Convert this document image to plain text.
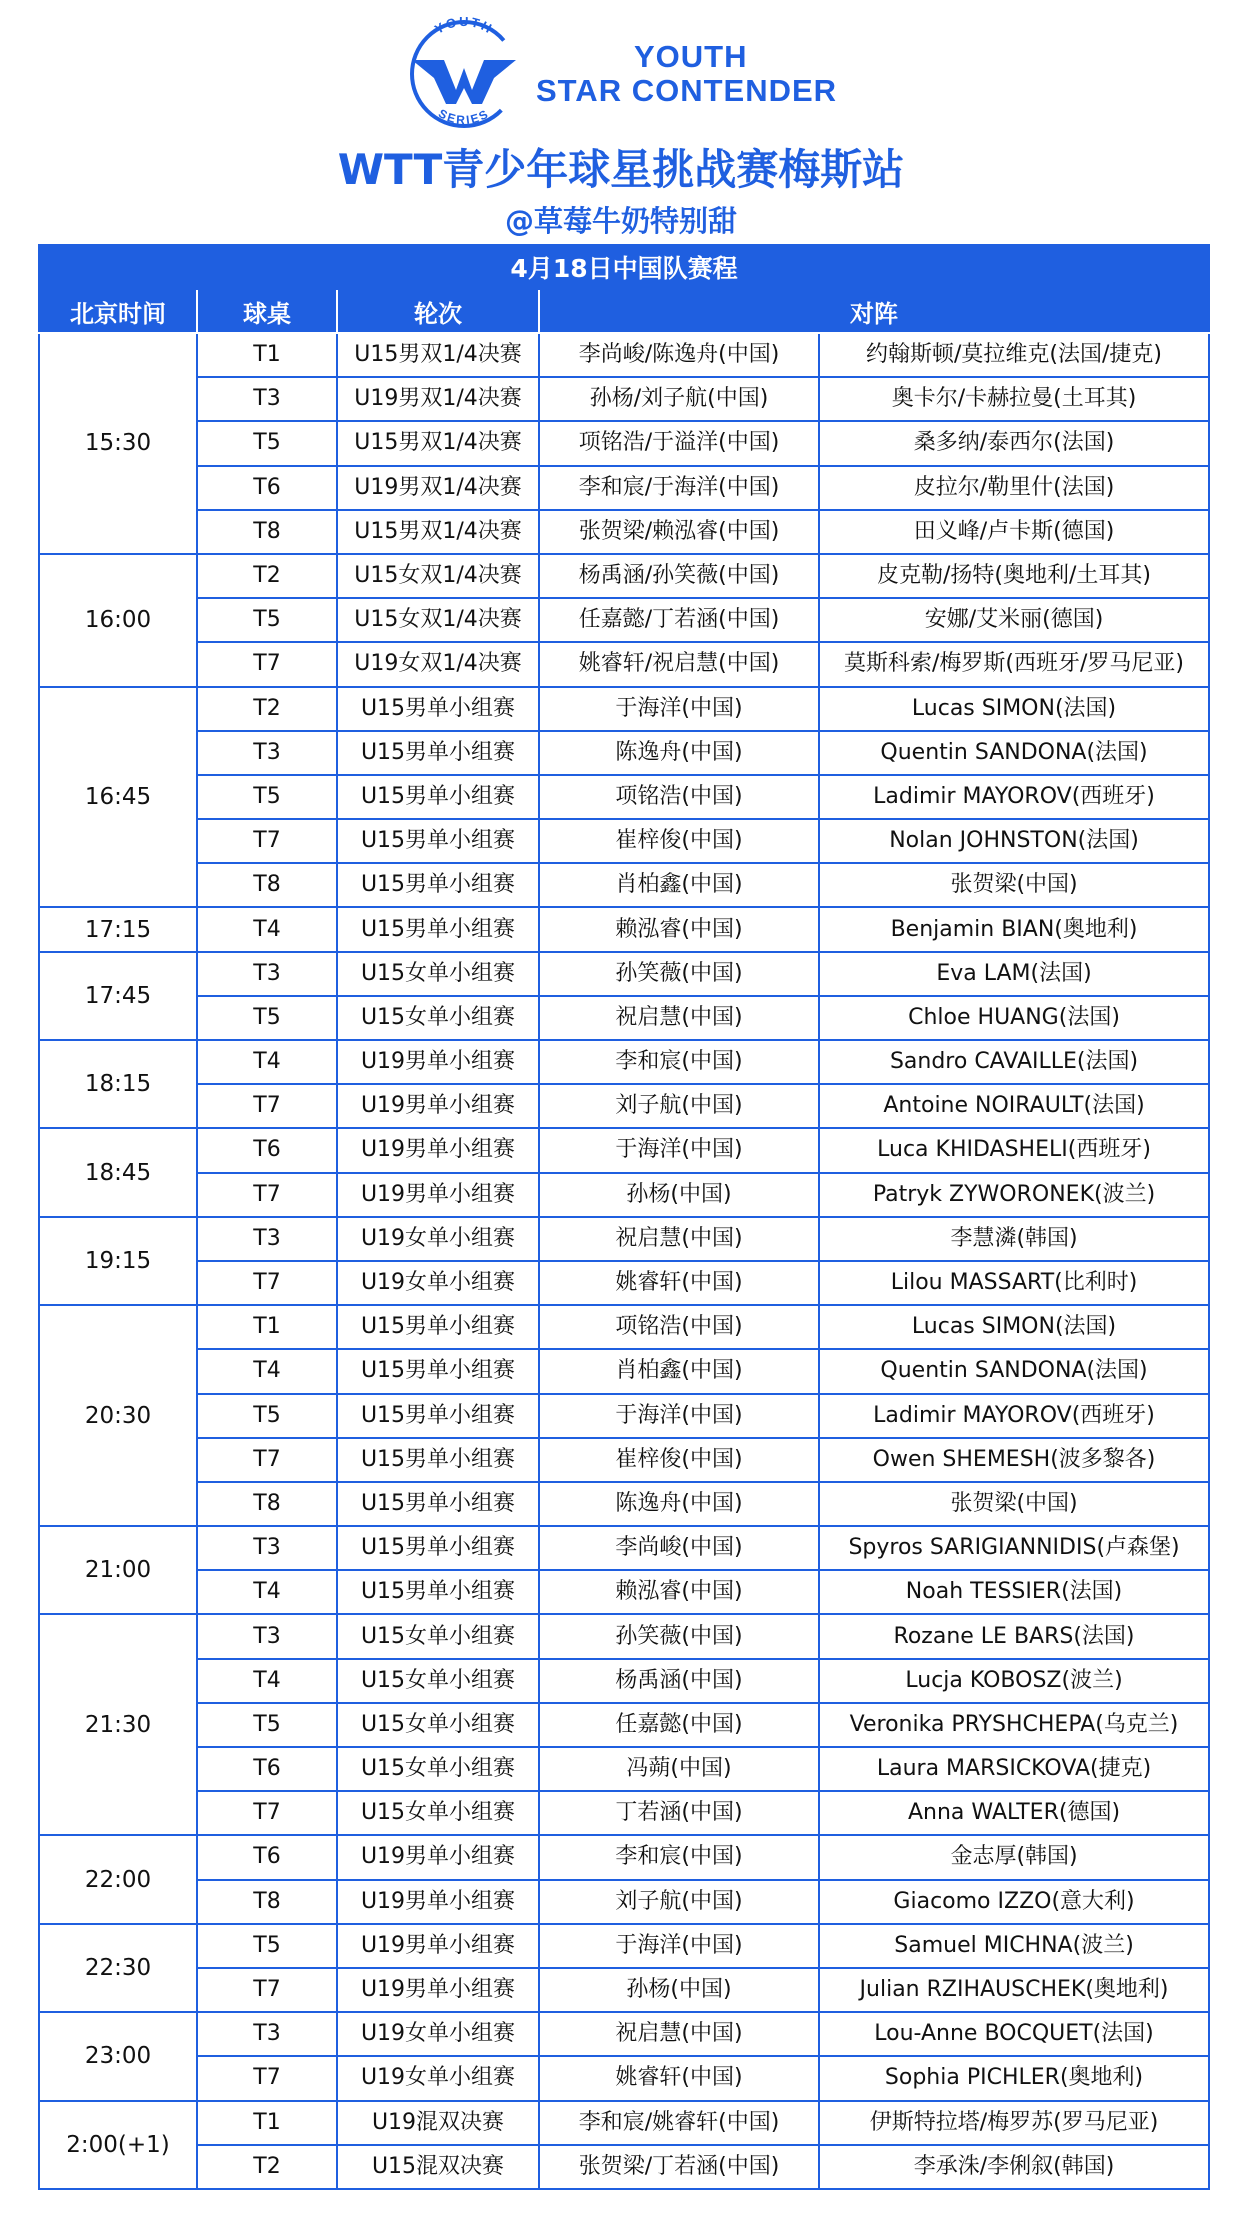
YOUTH
SERIES
YOUTH
STAR CONTENDER
WTT青少年球星挑战赛梅斯站
@草莓牛奶特别甜
4月18日中国队赛程				
北京时间	球桌	轮次	对阵	
15:30	T1	U15男双1/4决赛	李尚峻/陈逸舟(中国)	约翰斯顿/莫拉维克(法国/捷克)
	T3	U19男双1/4决赛	孙杨/刘子航(中国)	奥卡尔/卡赫拉曼(土耳其)
	T5	U15男双1/4决赛	项铭浩/于溢洋(中国)	桑多纳/泰西尔(法国)
	T6	U19男双1/4决赛	李和宸/于海洋(中国)	皮拉尔/勒里什(法国)
	T8	U15男双1/4决赛	张贺梁/赖泓睿(中国)	田义峰/卢卡斯(德国)
16:00	T2	U15女双1/4决赛	杨禹涵/孙笑薇(中国)	皮克勒/扬特(奥地利/土耳其)
	T5	U15女双1/4决赛	任嘉懿/丁若涵(中国)	安娜/艾米丽(德国)
	T7	U19女双1/4决赛	姚睿轩/祝启慧(中国)	莫斯科索/梅罗斯(西班牙/罗马尼亚)
16:45	T2	U15男单小组赛	于海洋(中国)	Lucas SIMON(法国)
	T3	U15男单小组赛	陈逸舟(中国)	Quentin SANDONA(法国)
	T5	U15男单小组赛	项铭浩(中国)	Ladimir MAYOROV(西班牙)
	T7	U15男单小组赛	崔梓俊(中国)	Nolan JOHNSTON(法国)
	T8	U15男单小组赛	肖柏鑫(中国)	张贺梁(中国)
17:15	T4	U15男单小组赛	赖泓睿(中国)	Benjamin BIAN(奥地利)
17:45	T3	U15女单小组赛	孙笑薇(中国)	Eva LAM(法国)
	T5	U15女单小组赛	祝启慧(中国)	Chloe HUANG(法国)
18:15	T4	U19男单小组赛	李和宸(中国)	Sandro CAVAILLE(法国)
	T7	U19男单小组赛	刘子航(中国)	Antoine NOIRAULT(法国)
18:45	T6	U19男单小组赛	于海洋(中国)	Luca KHIDASHELI(西班牙)
	T7	U19男单小组赛	孙杨(中国)	Patryk ZYWORONEK(波兰)
19:15	T3	U19女单小组赛	祝启慧(中国)	李慧潾(韩国)
	T7	U19女单小组赛	姚睿轩(中国)	Lilou MASSART(比利时)
20:30	T1	U15男单小组赛	项铭浩(中国)	Lucas SIMON(法国)
	T4	U15男单小组赛	肖柏鑫(中国)	Quentin SANDONA(法国)
	T5	U15男单小组赛	于海洋(中国)	Ladimir MAYOROV(西班牙)
	T7	U15男单小组赛	崔梓俊(中国)	Owen SHEMESH(波多黎各)
	T8	U15男单小组赛	陈逸舟(中国)	张贺梁(中国)
21:00	T3	U15男单小组赛	李尚峻(中国)	Spyros SARIGIANNIDIS(卢森堡)
	T4	U15男单小组赛	赖泓睿(中国)	Noah TESSIER(法国)
21:30	T3	U15女单小组赛	孙笑薇(中国)	Rozane LE BARS(法国)
	T4	U15女单小组赛	杨禹涵(中国)	Lucja KOBOSZ(波兰)
	T5	U15女单小组赛	任嘉懿(中国)	Veronika PRYSHCHEPA(乌克兰)
	T6	U15女单小组赛	冯蒴(中国)	Laura MARSICKOVA(捷克)
	T7	U15女单小组赛	丁若涵(中国)	Anna WALTER(德国)
22:00	T6	U19男单小组赛	李和宸(中国)	金志厚(韩国)
	T8	U19男单小组赛	刘子航(中国)	Giacomo IZZO(意大利)
22:30	T5	U19男单小组赛	于海洋(中国)	Samuel MICHNA(波兰)
	T7	U19男单小组赛	孙杨(中国)	Julian RZIHAUSCHEK(奥地利)
23:00	T3	U19女单小组赛	祝启慧(中国)	Lou-Anne BOCQUET(法国)
	T7	U19女单小组赛	姚睿轩(中国)	Sophia PICHLER(奥地利)
2:00(+1)	T1	U19混双决赛	李和宸/姚睿轩(中国)	伊斯特拉塔/梅罗苏(罗马尼亚)
	T2	U15混双决赛	张贺梁/丁若涵(中国)	李承洙/李俐叙(韩国)
